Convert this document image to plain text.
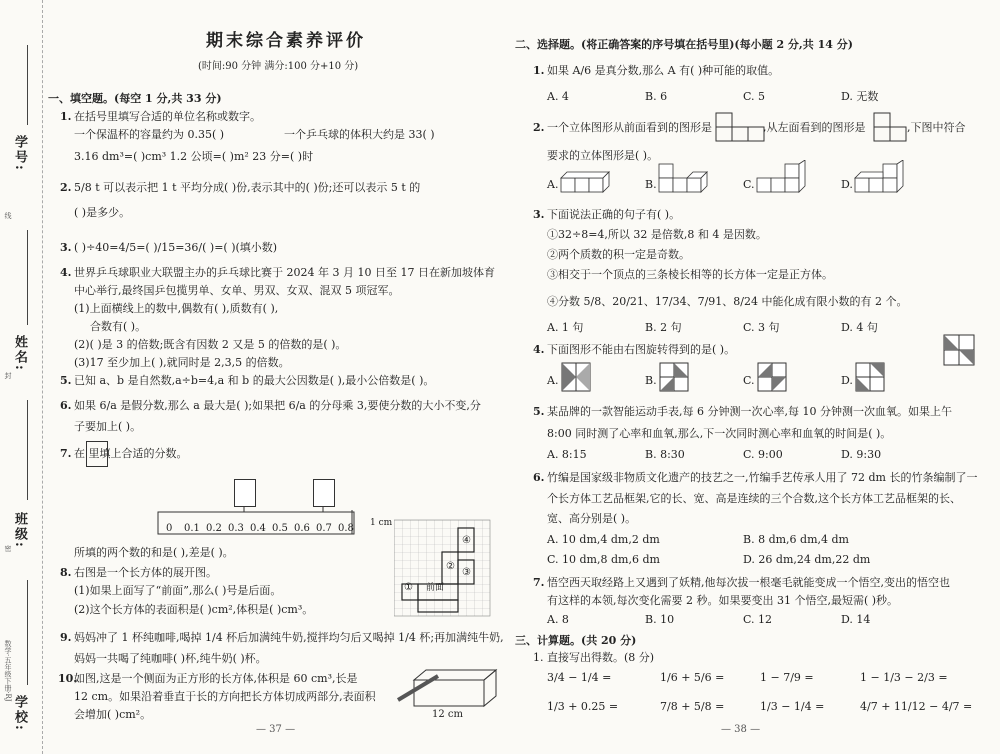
学号:
线
姓名:
封
班级:
密
学校:
数学·五年级下册·RJ
期末综合素养评价
(时间:90 分钟 满分:100 分+10 分)
一、填空题。(每空 1 分,共 33 分)
1. 在括号里填写合适的单位名称或数字。
一个保温杯的容量约为 0.35( )	一个乒乓球的体积大约是 33( )
3.16 dm³=( )cm³ 1.2 公顷=( )m² 23 分=( )时
2. 5/8 t 可以表示把 1 t 平均分成( )份,表示其中的( )份;还可以表示 5 t 的
( )是多少。
3. ( )÷40=4/5=( )/15=36/( )=( )(填小数)
4. 世界乒乓球职业大联盟主办的乒乓球比赛于 2024 年 3 月 10 日至 17 日在新加坡体育
中心举行,最终国乒包揽男单、女单、男双、女双、混双 5 项冠军。
(1)上面横线上的数中,偶数有( ),质数有( ),
合数有( )。
(2)( )是 3 的倍数;既含有因数 2 又是 5 的倍数的是( )。
(3)17 至少加上( ),就同时是 2,3,5 的倍数。
5. 已知 a、b 是自然数,a÷b=4,a 和 b 的最大公因数是( ),最小公倍数是( )。
6. 如果 6/a 是假分数,那么 a 最大是( );如果把 6/a 的分母乘 3,要使分数的大小不变,分
子要加上( )。
7. 在 里填上合适的分数。
0 0.1 0.2 0.3 0.4 0.5 0.6 0.7 0.8
所填的两个数的和是( ),差是( )。
8. 右图是一个长方体的展开图。
(1)如果上面写了“前面”,那么( )号是后面。
(2)这个长方体的表面积是( )cm²,体积是( )cm³。
1 cm
前面
①
②
③
④
9. 妈妈冲了 1 杯纯咖啡,喝掉 1/4 杯后加满纯牛奶,搅拌均匀后又喝掉 1/4 杯;再加满纯牛奶,
妈妈一共喝了纯咖啡( )杯,纯牛奶( )杯。
10.
如图,这是一个侧面为正方形的长方体,体积是 60 cm³,长是
12 cm。如果沿着垂直于长的方向把长方体切成两部分,表面积
会增加( )cm²。	12 cm
— 37 —
二、选择题。(将正确答案的序号填在括号里)(每小题 2 分,共 14 分)
1. 如果 A/6 是真分数,那么 A 有( )种可能的取值。
A. 4	B. 6	C. 5	D. 无数
2. 一个立体图形从前面看到的图形是	,从左面看到的图形是	,下图中符合
要求的立体图形是( )。
A.	B.	C.	D.
3. 下面说法正确的句子有( )。
①32÷8=4,所以 32 是倍数,8 和 4 是因数。
②两个质数的积一定是奇数。
③相交于一个顶点的三条棱长相等的长方体一定是正方体。
④分数 5/8、20/21、17/34、7/91、8/24 中能化成有限小数的有 2 个。
A. 1 句	B. 2 句	C. 3 句	D. 4 句
4. 下面图形不能由右图旋转得到的是( )。
A.	B.	C.	D.
5. 某品牌的一款智能运动手表,每 6 分钟测一次心率,每 10 分钟测一次血氧。如果上午
8:00 同时测了心率和血氧,那么,下一次同时测心率和血氧的时间是( )。
A. 8:15	B. 8:30	C. 9:00	D. 9:30
6. 竹编是国家级非物质文化遗产的技艺之一,竹编手艺传承人用了 72 dm 长的竹条编制了一
个长方体工艺品框架,它的长、宽、高是连续的三个合数,这个长方体工艺品框架的长、
宽、高分别是( )。
A. 10 dm,4 dm,2 dm	B. 8 dm,6 dm,4 dm
C. 10 dm,8 dm,6 dm	D. 26 dm,24 dm,22 dm
7. 悟空西天取经路上又遇到了妖精,他每次拔一根毫毛就能变成一个悟空,变出的悟空也
有这样的本领,每次变化需要 2 秒。如果要变出 31 个悟空,最短需( )秒。
A. 8	B. 10	C. 12	D. 14
三、计算题。(共 20 分)
1. 直接写出得数。(8 分)
3/4 − 1/4 =	1/6 + 5/6 =	1 − 7/9 =	1 − 1/3 − 2/3 =
1/3 + 0.25 =	7/8 + 5/8 =	1/3 − 1/4 =	4/7 + 11/12 − 4/7 =
— 38 —
